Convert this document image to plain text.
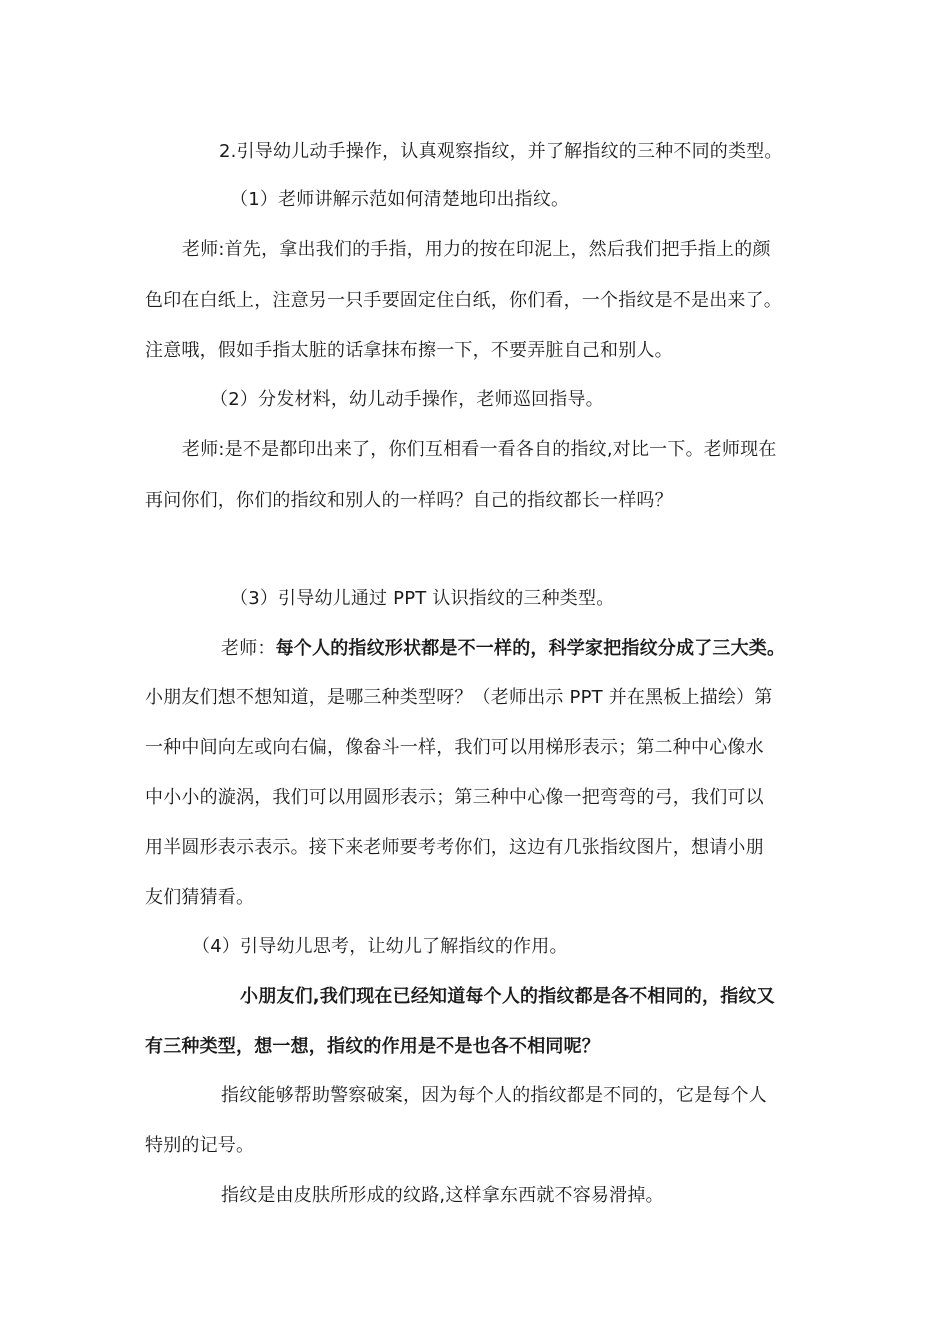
2.引导幼儿动手操作，认真观察指纹，并了解指纹的三种不同的类型。
（1）老师讲解示范如何清楚地印出指纹。
老师:首先，拿出我们的手指，用力的按在印泥上，然后我们把手指上的颜
色印在白纸上，注意另一只手要固定住白纸，你们看，一个指纹是不是出来了。
注意哦，假如手指太脏的话拿抹布擦一下，不要弄脏自己和别人。
（2）分发材料，幼儿动手操作，老师巡回指导。
老师:是不是都印出来了，你们互相看一看各自的指纹,对比一下。老师现在
再问你们，你们的指纹和别人的一样吗？自己的指纹都长一样吗？
（3）引导幼儿通过 PPT 认识指纹的三种类型。
老师：每个人的指纹形状都是不一样的，科学家把指纹分成了三大类。
小朋友们想不想知道，是哪三种类型呀？（老师出示 PPT 并在黑板上描绘）第
一种中间向左或向右偏，像畚斗一样，我们可以用梯形表示；第二种中心像水
中小小的漩涡，我们可以用圆形表示；第三种中心像一把弯弯的弓，我们可以
用半圆形表示表示。接下来老师要考考你们，这边有几张指纹图片，想请小朋
友们猜猜看。
（4）引导幼儿思考，让幼儿了解指纹的作用。
小朋友们,我们现在已经知道每个人的指纹都是各不相同的，指纹又
有三种类型，想一想，指纹的作用是不是也各不相同呢？
指纹能够帮助警察破案，因为每个人的指纹都是不同的，它是每个人
特别的记号。
指纹是由皮肤所形成的纹路,这样拿东西就不容易滑掉。
